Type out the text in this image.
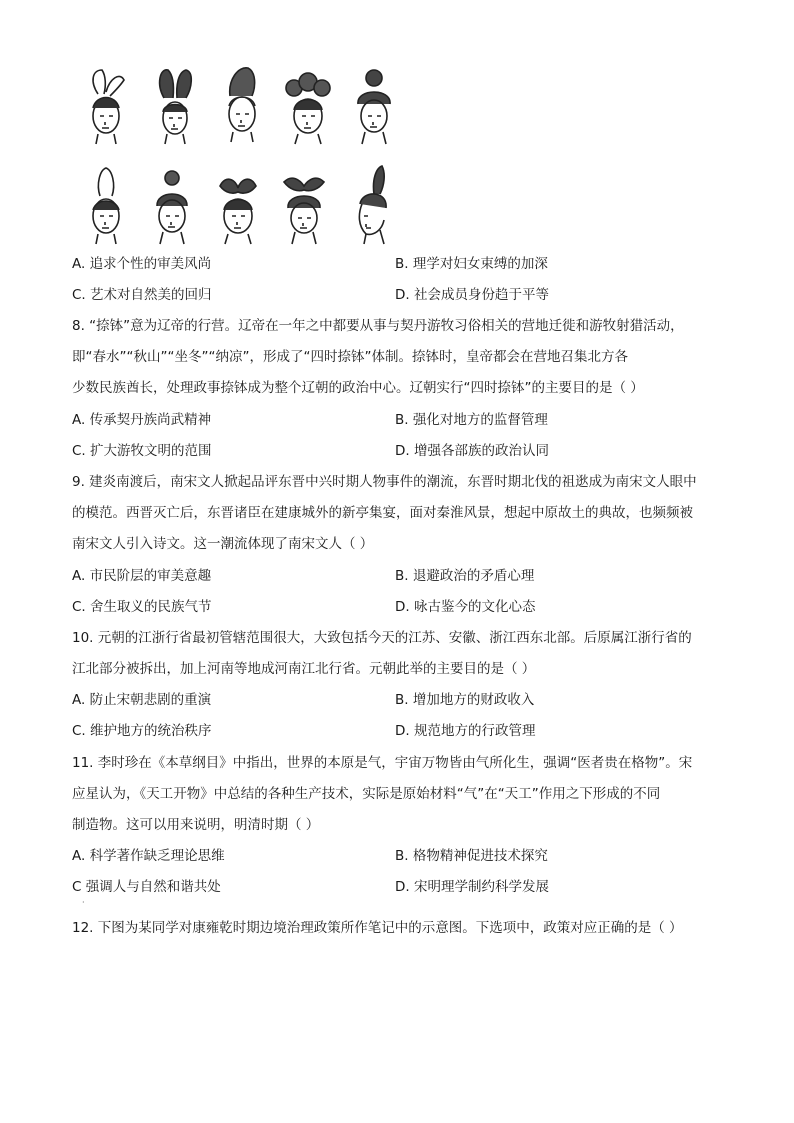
A. 追求个性的审美风尚	B. 理学对妇女束缚的加深
C. 艺术对自然美的回归	D. 社会成员身份趋于平等
8. “捺钵”意为辽帝的行营。辽帝在一年之中都要从事与契丹游牧习俗相关的营地迁徙和游牧射猎活动，
即“春水”“秋山”“坐冬”“纳凉”，形成了“四时捺钵”体制。捺钵时，皇帝都会在营地召集北方各
少数民族酋长，处理政事捺钵成为整个辽朝的政治中心。辽朝实行“四时捺钵”的主要目的是（ ）
A. 传承契丹族尚武精神	B. 强化对地方的监督管理
C. 扩大游牧文明的范围	D. 增强各部族的政治认同
9. 建炎南渡后，南宋文人掀起品评东晋中兴时期人物事件的潮流，东晋时期北伐的祖逖成为南宋文人眼中
的模范。西晋灭亡后，东晋诸臣在建康城外的新亭集宴，面对秦淮风景，想起中原故土的典故，也频频被
南宋文人引入诗文。这一潮流体现了南宋文人（ ）
A. 市民阶层的审美意趣	B. 退避政治的矛盾心理
C. 舍生取义的民族气节	D. 咏古鉴今的文化心态
10. 元朝的江浙行省最初管辖范围很大，大致包括今天的江苏、安徽、浙江西东北部。后原属江浙行省的
江北部分被拆出，加上河南等地成河南江北行省。元朝此举的主要目的是（ ）
A. 防止宋朝悲剧的重演	B. 增加地方的财政收入
C. 维护地方的统治秩序	D. 规范地方的行政管理
11. 李时珍在《本草纲目》中指出，世界的本原是气，宇宙万物皆由气所化生，强调“医者贵在格物”。宋
应星认为，《天工开物》中总结的各种生产技术，实际是原始材料“气”在“天工”作用之下形成的不同
制造物。这可以用来说明，明清时期（ ）
A. 科学著作缺乏理论思维	B. 格物精神促进技术探究
C 强调人与自然和谐共处	D. 宋明理学制约科学发展
·
12. 下图为某同学对康雍乾时期边境治理政策所作笔记中的示意图。下选项中，政策对应正确的是（ ）
